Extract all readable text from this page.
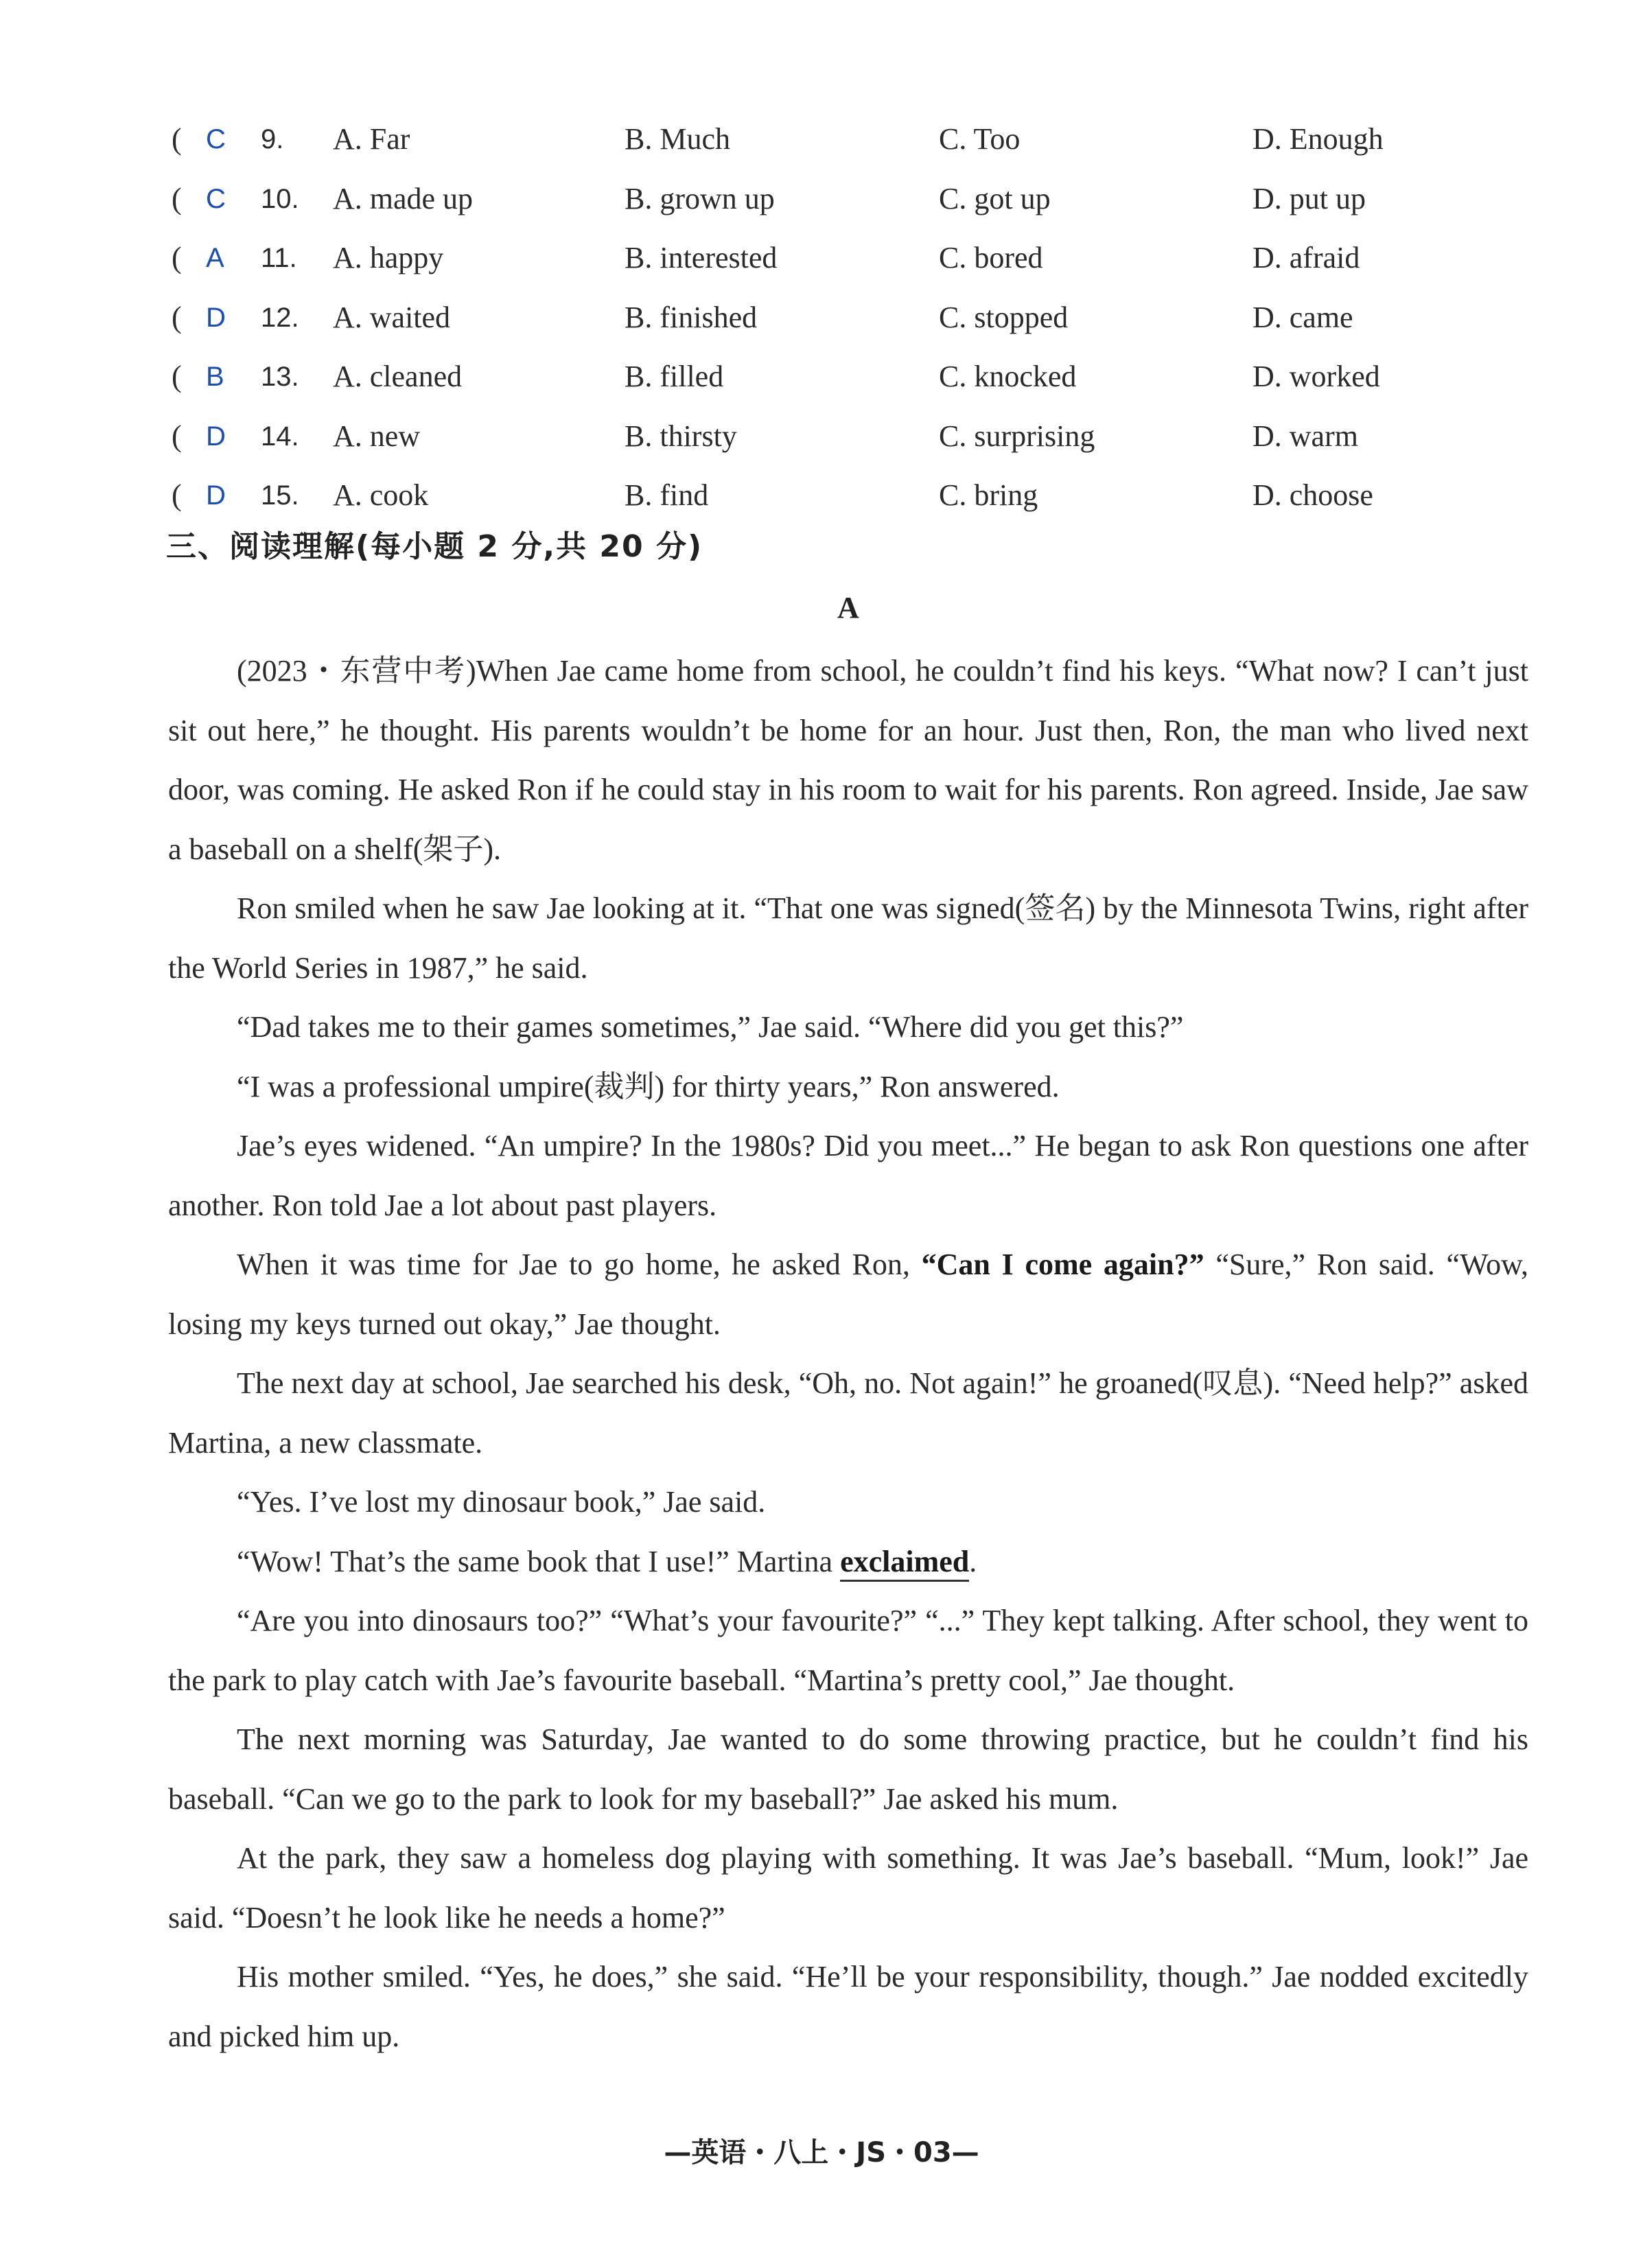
( C 9. A. Far	B. Much	C. Too	D. Enough
( C 10. A. made up	B. grown up	C. got up	D. put up
( A 11. A. happy	B. interested	C. bored	D. afraid
( D 12. A. waited	B. finished	C. stopped	D. came
( B 13. A. cleaned	B. filled	C. knocked	D. worked
( D 14. A. new	B. thirsty	C. surprising	D. warm
( D 15. A. cook	B. find	C. bring	D. choose
三、阅读理解(每小题 2 分,共 20 分)
A

(2023・东营中考)When Jae came home from school, he couldn’t find his keys. “What now? I can’t just sit out here,” he thought. His parents wouldn’t be home for an hour. Just then, Ron, the man who lived next door, was coming. He asked Ron if he could stay in his room to wait for his parents. Ron agreed. Inside, Jae saw a baseball on a shelf(架子).

Ron smiled when he saw Jae looking at it. “That one was signed(签名) by the Minnesota Twins, right after the World Series in 1987,” he said.

“Dad takes me to their games sometimes,” Jae said. “Where did you get this?”

“I was a professional umpire(裁判) for thirty years,” Ron answered.

Jae’s eyes widened. “An umpire? In the 1980s? Did you meet...” He began to ask Ron questions one after another. Ron told Jae a lot about past players.

When it was time for Jae to go home, he asked Ron, “Can I come again?” “Sure,” Ron said. “Wow, losing my keys turned out okay,” Jae thought.

The next day at school, Jae searched his desk, “Oh, no. Not again!” he groaned(叹息). “Need help?” asked Martina, a new classmate.

“Yes. I’ve lost my dinosaur book,” Jae said.

“Wow! That’s the same book that I use!” Martina exclaimed.

“Are you into dinosaurs too?” “What’s your favourite?” “...” They kept talking. After school, they went to the park to play catch with Jae’s favourite baseball. “Martina’s pretty cool,” Jae thought.

The next morning was Saturday, Jae wanted to do some throwing practice, but he couldn’t find his baseball. “Can we go to the park to look for my baseball?” Jae asked his mum.

At the park, they saw a homeless dog playing with something. It was Jae’s baseball. “Mum, look!” Jae said. “Doesn’t he look like he needs a home?”

His mother smiled. “Yes, he does,” she said. “He’ll be your responsibility, though.” Jae nodded excitedly and picked him up.

—英语・八上・JS・03—
